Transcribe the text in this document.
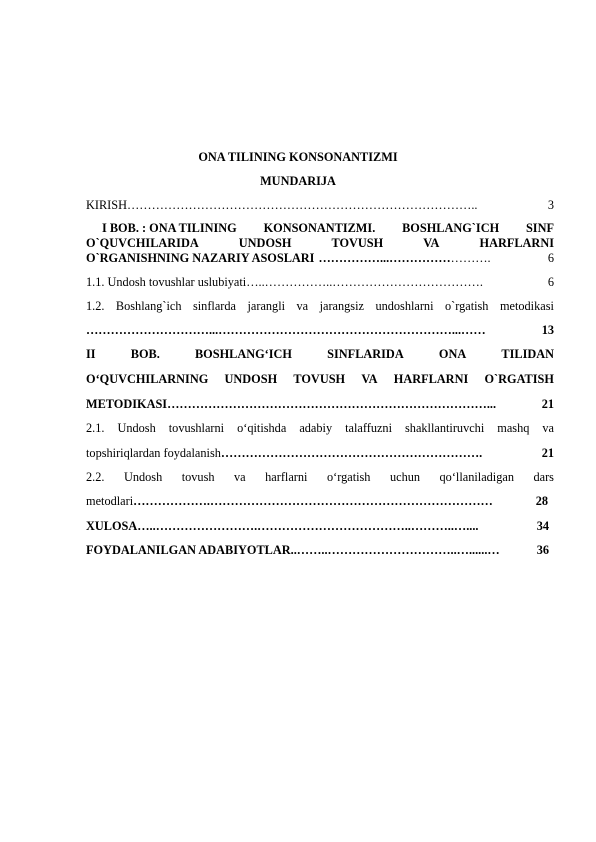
ONA TILINING KONSONANTIZMI
MUNDARIJA
KIRISH …………………………………………………………………………..	3
I BOB. : ONA TILINING KONSONANTIZMI. BOSHLANG`ICH SINF
O`QUVCHILARIDA	UNDOSH	TOVUSH	VA	HARFLARNI
O`RGANISHNING NAZARIY ASOSLARI ……………...…………… ……….	6
1.1. Undosh tovushlar uslubiyati …..……………..……………………………….	6
1.2. Boshlang`ich sinflarda jarangli va jarangsiz undoshlarni o`rgatish metodikasi
…………………………...…………………………………………………...……	13
II	BOB.	BOSHLANG‘ICH	SINFLARIDA	ONA	TILIDAN
O‘QUVCHILARNING UNDOSH TOVUSH VA HARFLARNI O`RGATISH
METODIKASI ……………………………………………………………………...	21
2.1. Undosh tovushlarni o‘qitishda adabiy talaffuzni shakllantiruvchi mashq va
topshiriqlardan foydalanish ……………………………………………………….	21
2.2. Undosh tovush va harflarni o‘rgatish uchun qo‘llaniladigan dars
metodlari ……………….……………………………………………………………	28
XULOSA …..…………………….………………………………..………..…....	34
FOYDALANILGAN ADABIYOTLAR ..……..…………………………..…......…	36
